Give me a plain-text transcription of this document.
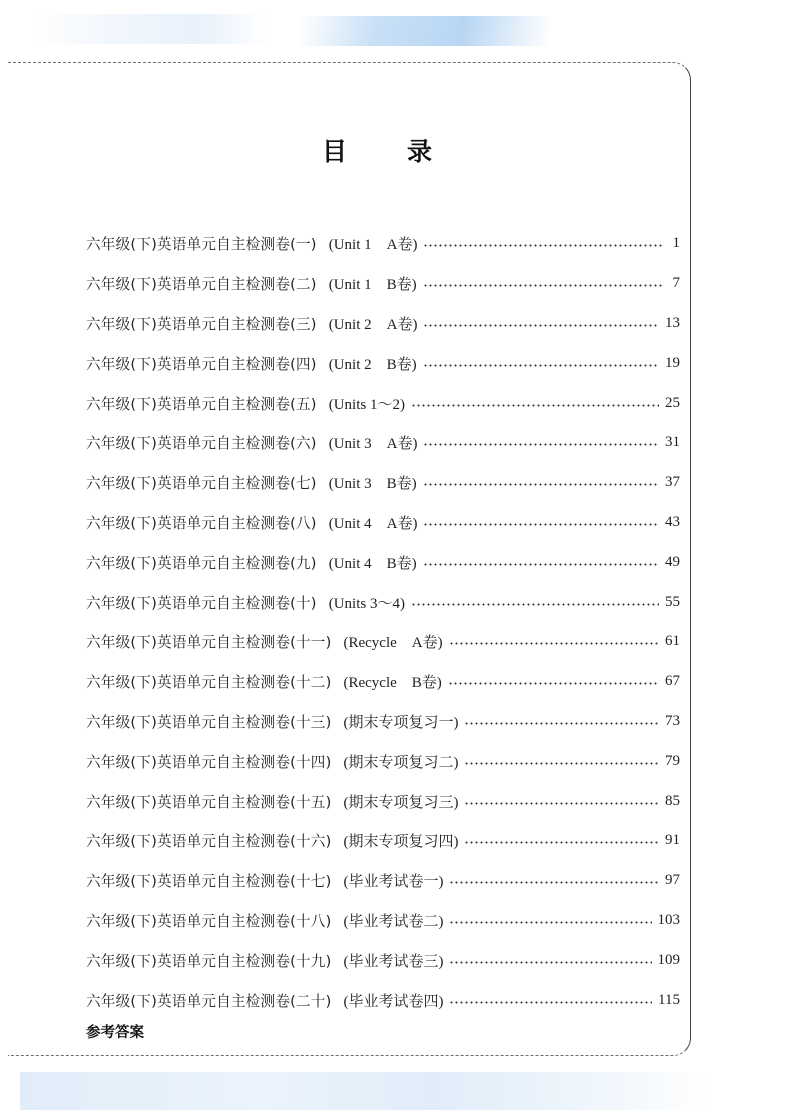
目 录
六年级(下)英语单元自主检测卷(一) (Unit 1　A卷)	1
六年级(下)英语单元自主检测卷(二) (Unit 1　B卷)	7
六年级(下)英语单元自主检测卷(三) (Unit 2　A卷)	13
六年级(下)英语单元自主检测卷(四) (Unit 2　B卷)	19
六年级(下)英语单元自主检测卷(五) (Units 1～2)	25
六年级(下)英语单元自主检测卷(六) (Unit 3　A卷)	31
六年级(下)英语单元自主检测卷(七) (Unit 3　B卷)	37
六年级(下)英语单元自主检测卷(八) (Unit 4　A卷)	43
六年级(下)英语单元自主检测卷(九) (Unit 4　B卷)	49
六年级(下)英语单元自主检测卷(十) (Units 3～4)	55
六年级(下)英语单元自主检测卷(十一) (Recycle　A卷)	61
六年级(下)英语单元自主检测卷(十二) (Recycle　B卷)	67
六年级(下)英语单元自主检测卷(十三) (期末专项复习一)	73
六年级(下)英语单元自主检测卷(十四) (期末专项复习二)	79
六年级(下)英语单元自主检测卷(十五) (期末专项复习三)	85
六年级(下)英语单元自主检测卷(十六) (期末专项复习四)	91
六年级(下)英语单元自主检测卷(十七) (毕业考试卷一)	97
六年级(下)英语单元自主检测卷(十八) (毕业考试卷二)	103
六年级(下)英语单元自主检测卷(十九) (毕业考试卷三)	109
六年级(下)英语单元自主检测卷(二十) (毕业考试卷四)	115
参考答案
